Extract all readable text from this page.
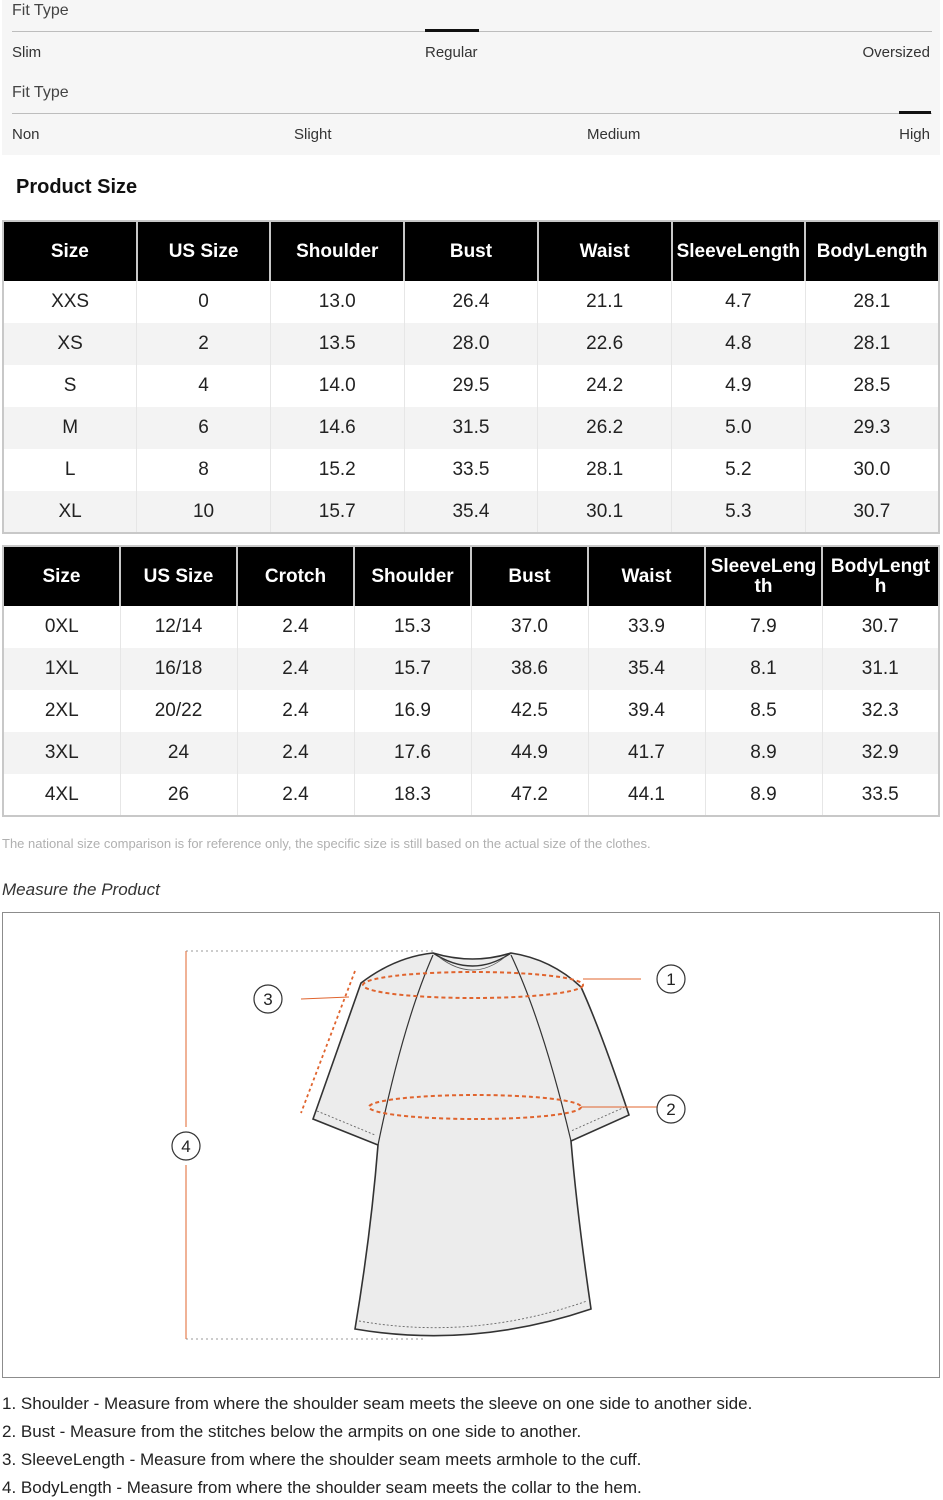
Fit Type
Slim	Regular	Oversized
Fit Type
Non	Slight	Medium	High
Product Size
Size	US Size	Shoulder	Bust	Waist	SleeveLength	BodyLength
XXS	0	13.0	26.4	21.1	4.7	28.1
XS	2	13.5	28.0	22.6	4.8	28.1
S	4	14.0	29.5	24.2	4.9	28.5
M	6	14.6	31.5	26.2	5.0	29.3
L	8	15.2	33.5	28.1	5.2	30.0
XL	10	15.7	35.4	30.1	5.3	30.7
Size	US Size	Crotch	Shoulder	Bust	Waist	SleeveLength	BodyLength
0XL	12/14	2.4	15.3	37.0	33.9	7.9	30.7
1XL	16/18	2.4	15.7	38.6	35.4	8.1	31.1
2XL	20/22	2.4	16.9	42.5	39.4	8.5	32.3
3XL	24	2.4	17.6	44.9	41.7	8.9	32.9
4XL	26	2.4	18.3	47.2	44.1	8.9	33.5
The national size comparison is for reference only, the specific size is still based on the actual size of the clothes.
Measure the Product
1
2
3
4
1. Shoulder - Measure from where the shoulder seam meets the sleeve on one side to another side.
2. Bust - Measure from the stitches below the armpits on one side to another.
3. SleeveLength - Measure from where the shoulder seam meets armhole to the cuff.
4. BodyLength - Measure from where the shoulder seam meets the collar to the hem.
